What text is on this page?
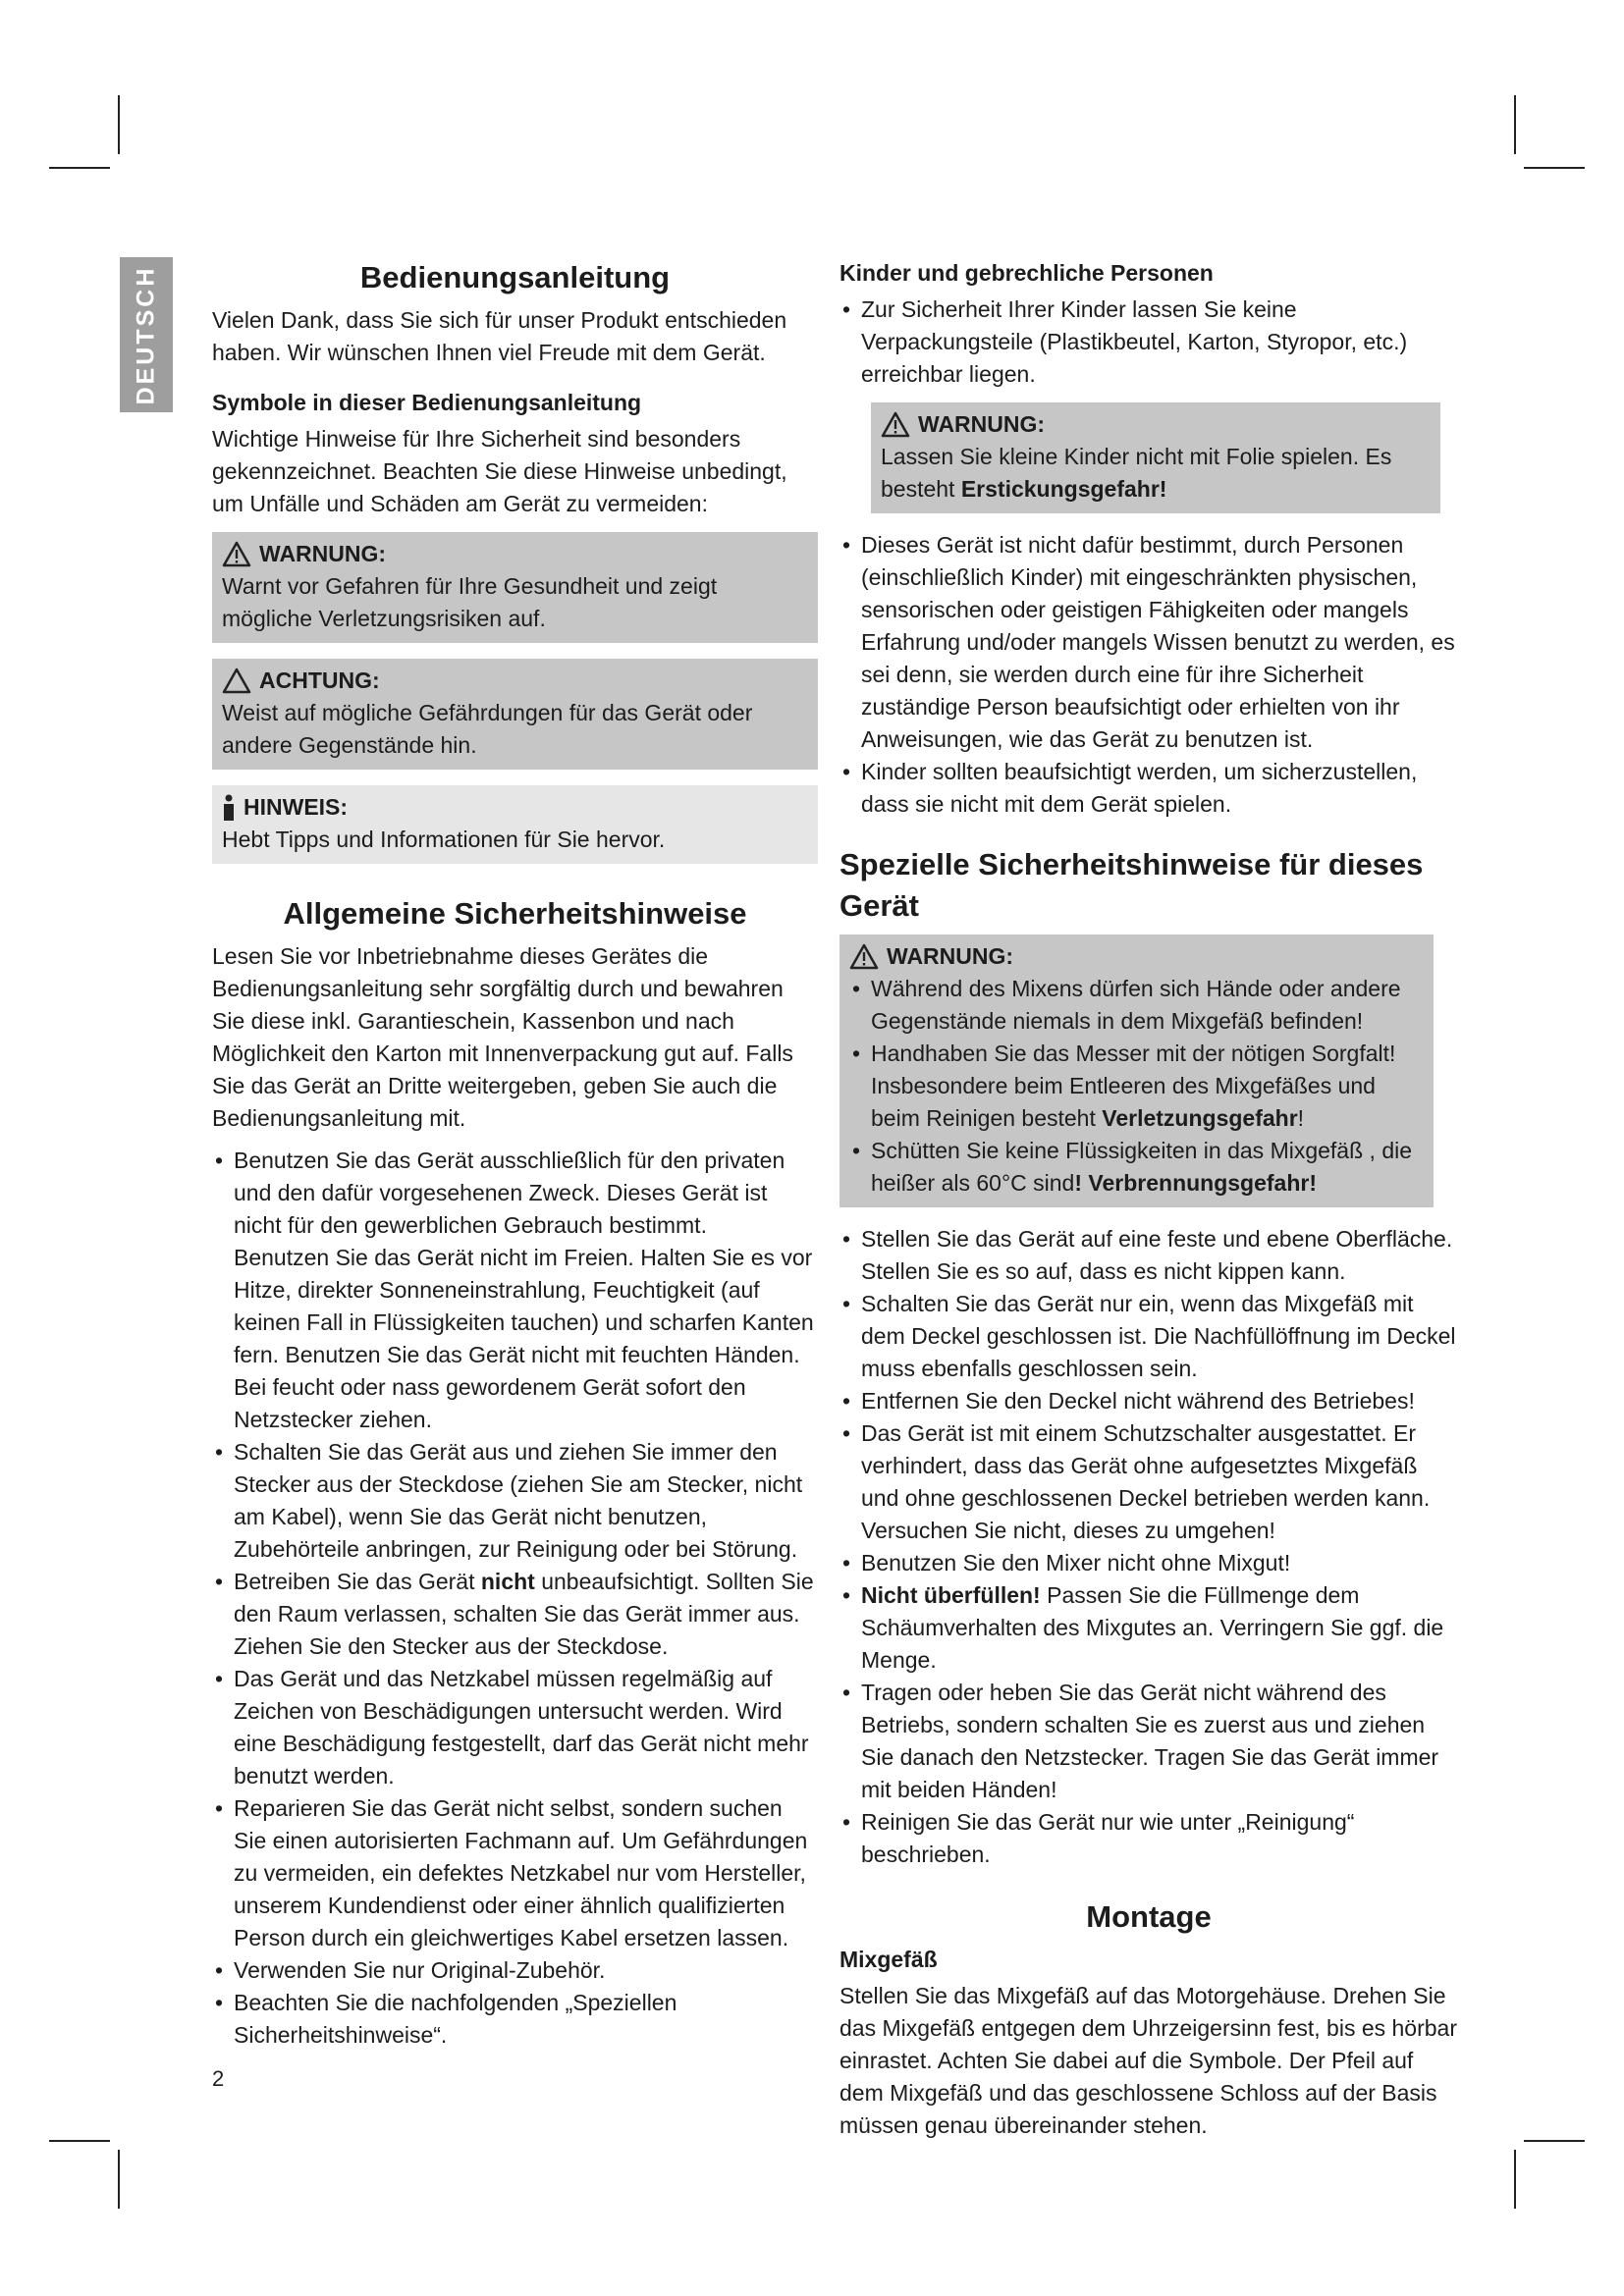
DEUTSCH	Bedienungsanleitung

Vielen Dank, dass Sie sich für unser Produkt entschieden haben. Wir wünschen Ihnen viel Freude mit dem Gerät.

Symbole in dieser Bedienungsanleitung

Wichtige Hinweise für Ihre Sicherheit sind besonders gekennzeichnet. Beachten Sie diese Hinweise unbedingt, um Unfälle und Schäden am Gerät zu vermeiden:

WARNUNG:

Warnt vor Gefahren für Ihre Gesundheit und zeigt mögliche Verletzungsrisiken auf.

ACHTUNG:

Weist auf mögliche Gefährdungen für das Gerät oder andere Gegenstände hin.

HINWEIS:

Hebt Tipps und Informationen für Sie hervor.

Allgemeine Sicherheitshinweise

Lesen Sie vor Inbetriebnahme dieses Gerätes die Bedienungsanleitung sehr sorgfältig durch und bewahren Sie diese inkl. Garantieschein, Kassenbon und nach Möglichkeit den Karton mit Innenverpackung gut auf. Falls Sie das Gerät an Dritte weitergeben, geben Sie auch die Bedienungsanleitung mit.

• Benutzen Sie das Gerät ausschließlich für den privaten und den dafür vorgesehenen Zweck. Dieses Gerät ist nicht für den gewerblichen Gebrauch bestimmt.
Benutzen Sie das Gerät nicht im Freien. Halten Sie es vor Hitze, direkter Sonneneinstrahlung, Feuchtigkeit (auf keinen Fall in Flüssigkeiten tauchen) und scharfen Kanten fern. Benutzen Sie das Gerät nicht mit feuchten Händen. Bei feucht oder nass gewordenem Gerät sofort den Netzstecker ziehen.
• Schalten Sie das Gerät aus und ziehen Sie immer den Stecker aus der Steckdose (ziehen Sie am Stecker, nicht am Kabel), wenn Sie das Gerät nicht benutzen, Zubehörteile anbringen, zur Reinigung oder bei Störung.
• Betreiben Sie das Gerät nicht unbeaufsichtigt. Sollten Sie den Raum verlassen, schalten Sie das Gerät immer aus. Ziehen Sie den Stecker aus der Steckdose.
• Das Gerät und das Netzkabel müssen regelmäßig auf Zeichen von Beschädigungen untersucht werden. Wird eine Beschädigung festgestellt, darf das Gerät nicht mehr benutzt werden.
• Reparieren Sie das Gerät nicht selbst, sondern suchen Sie einen autorisierten Fachmann auf. Um Gefährdungen zu vermeiden, ein defektes Netzkabel nur vom Hersteller, unserem Kundendienst oder einer ähnlich qualifizierten Person durch ein gleichwertiges Kabel ersetzen lassen.
• Verwenden Sie nur Original-Zubehör.
• Beachten Sie die nachfolgenden „Speziellen Sicherheitshinweise“.
Kinder und gebrechliche Personen
• Zur Sicherheit Ihrer Kinder lassen Sie keine Verpackungsteile (Plastikbeutel, Karton, Styropor, etc.) erreichbar liegen.
WARNUNG:

Lassen Sie kleine Kinder nicht mit Folie spielen. Es besteht Erstickungsgefahr!

• Dieses Gerät ist nicht dafür bestimmt, durch Personen (einschließlich Kinder) mit eingeschränkten physischen, sensorischen oder geistigen Fähigkeiten oder mangels Erfahrung und/oder mangels Wissen benutzt zu werden, es sei denn, sie werden durch eine für ihre Sicherheit zuständige Person beaufsichtigt oder erhielten von ihr Anweisungen, wie das Gerät zu benutzen ist.
• Kinder sollten beaufsichtigt werden, um sicherzustellen, dass sie nicht mit dem Gerät spielen.
Spezielle Sicherheitshinweise für dieses Gerät
WARNUNG:
• Während des Mixens dürfen sich Hände oder andere Gegenstände niemals in dem Mixgefäß befinden!
• Handhaben Sie das Messer mit der nötigen Sorgfalt! Insbesondere beim Entleeren des Mixgefäßes und beim Reinigen besteht Verletzungsgefahr!
• Schütten Sie keine Flüssigkeiten in das Mixgefäß , die heißer als 60°C sind! Verbrennungsgefahr!
• Stellen Sie das Gerät auf eine feste und ebene Oberfläche. Stellen Sie es so auf, dass es nicht kippen kann.
• Schalten Sie das Gerät nur ein, wenn das Mixgefäß mit dem Deckel geschlossen ist. Die Nachfüllöffnung im Deckel muss ebenfalls geschlossen sein.
• Entfernen Sie den Deckel nicht während des Betriebes!
• Das Gerät ist mit einem Schutzschalter ausgestattet. Er verhindert, dass das Gerät ohne aufgesetztes Mixgefäß und ohne geschlossenen Deckel betrieben werden kann. Versuchen Sie nicht, dieses zu umgehen!
• Benutzen Sie den Mixer nicht ohne Mixgut!
• Nicht überfüllen! Passen Sie die Füllmenge dem Schäumverhalten des Mixgutes an. Verringern Sie ggf. die Menge.
• Tragen oder heben Sie das Gerät nicht während des Betriebs, sondern schalten Sie es zuerst aus und ziehen Sie danach den Netzstecker. Tragen Sie das Gerät immer mit beiden Händen!
• Reinigen Sie das Gerät nur wie unter „Reinigung“ beschrieben.
Montage
Mixgefäß

Stellen Sie das Mixgefäß auf das Motorgehäuse. Drehen Sie das Mixgefäß entgegen dem Uhrzeigersinn fest, bis es hörbar einrastet. Achten Sie dabei auf die Symbole. Der Pfeil auf dem Mixgefäß und das geschlossene Schloss auf der Basis müssen genau übereinander stehen.

2
